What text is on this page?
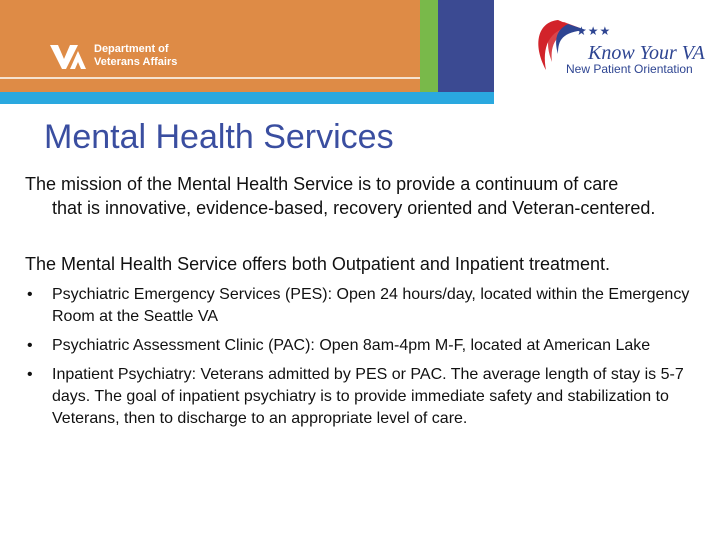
Department of
Veterans Affairs
★★★
Know Your VA
New Patient Orientation
Mental Health Services
The mission of the Mental Health Service is to provide a continuum of care
that is innovative, evidence-based, recovery oriented and Veteran-centered.
The Mental Health Service offers both Outpatient and Inpatient treatment.
• Psychiatric Emergency Services (PES): Open 24 hours/day, located within the Emergency Room at the Seattle VA
• Psychiatric Assessment Clinic (PAC): Open 8am-4pm M-F, located at American Lake
• Inpatient Psychiatry: Veterans admitted by PES or PAC. The average length of stay is 5-7 days. The goal of inpatient psychiatry is to provide immediate safety and stabilization to Veterans, then to discharge to an appropriate level of care.
